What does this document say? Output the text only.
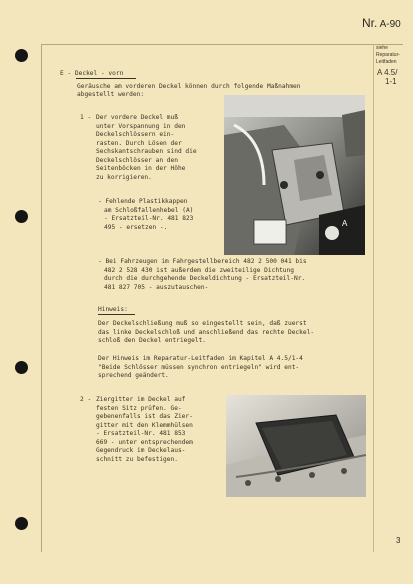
Nr. A-90
siehe
Reparatur-
Leitfaden
A 4.5/
1-1
E - Deckel - vorn
Geräusche am vorderen Deckel können durch folgende Maßnahmen
abgestellt werden:
1 - Der vordere Deckel muß
unter Vorspannung in den
Deckelschlössern ein-
rasten. Durch Lösen der
Sechskantschrauben sind die
Deckelschlösser an den
Seitenböcken in der Höhe
zu korrigieren.
- Fehlende Plastikkappen
am Schloßfallenhebel (A)
- Ersatzteil-Nr. 481 823
495 - ersetzen -.
- Bei Fahrzeugen im Fahrgestellbereich 482 2 500 041 bis
482 2 528 430 ist außerdem die zweiteilige Dichtung
durch die durchgehende Deckeldichtung - Ersatzteil-Nr.
481 827 705 - auszutauschen-
A
Hinweis:
Der Deckelschließung muß so eingestellt sein, daß zuerst
das linke Deckelschloß und anschließend das rechte Deckel-
schloß den Deckel entriegelt.
Der Hinweis im Reparatur-Leitfaden im Kapitel A 4.5/1-4
"Beide Schlösser müssen synchron entriegeln" wird ent-
sprechend geändert.
2 - Ziergitter im Deckel auf
festen Sitz prüfen. Ge-
gebenenfalls ist das Zier-
gitter mit den Klemmhülsen
- Ersatzteil-Nr. 481 853
669 - unter entsprechendem
Gegendruck im Deckelaus-
schnitt zu befestigen.
3
